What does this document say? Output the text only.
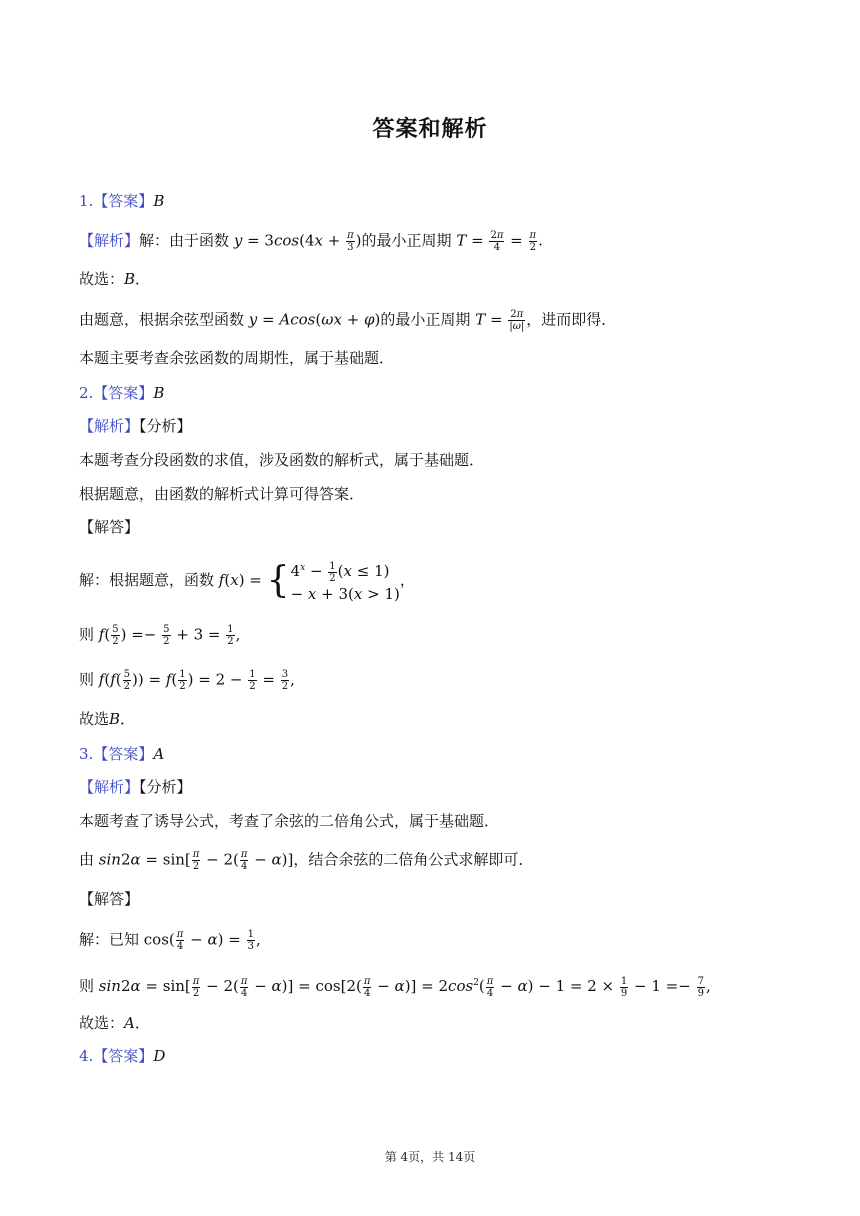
答案和解析
1.【答案】B
【解析】解：由于函数 $y = 3\cos(4x + \frac{\pi}{3}$ )的最小正周期 $T = \frac{2\pi}{4} = \frac{\pi}{2}$ .
故选：B．
由题意，根据余弦型函数 y = Acos(ωx + φ)的最小正周期 $T = \frac{2\pi}{|\omega|}$ ，进而即得．
本题主要考查余弦函数的周期性，属于基础题．
2.【答案】B
【解析】【分析】
本题考查分段函数的求值，涉及函数的解析式，属于基础题．
根据题意，由函数的解析式计算可得答案．
【解答】
解：根据题意，函数 f(x) = { $4^x - \frac{1}{2} (x \le 1)$
− x + 3(x > 1)
，
则 $f( \frac{5}{2}$ ) =− $\frac{5}{2} + 3 = \frac{1}{2}$ ,
则 $f(f( \frac{5}{2}$ )) = $f( \frac{1}{2}$ ) = $2 - \frac{1}{2} = \frac{3}{2}$ ,
故选B．
3.【答案】A
【解析】【分析】
本题考查了诱导公式，考查了余弦的二倍角公式，属于基础题．
由 $\sin 2\alpha = \sin[ \frac{\pi}{2} - 2( \frac{\pi}{4} - \alpha)]$，结合余弦的二倍角公式求解即可．
【解答】
解：已知 $\cos( \frac{\pi}{4} - \alpha) = \frac{1}{3}$ ,
则 $\sin 2\alpha = \sin[ \frac{\pi}{2} - 2( \frac{\pi}{4} - \alpha)] = \cos[2( \frac{\pi}{4} - \alpha)] = 2\cos^2( \frac{\pi}{4} - \alpha) - 1 = 2 \times \frac{1}{9} - 1 =- \frac{7}{9}$ ,
故选：A．
4.【答案】D
第 4页，共 14页
